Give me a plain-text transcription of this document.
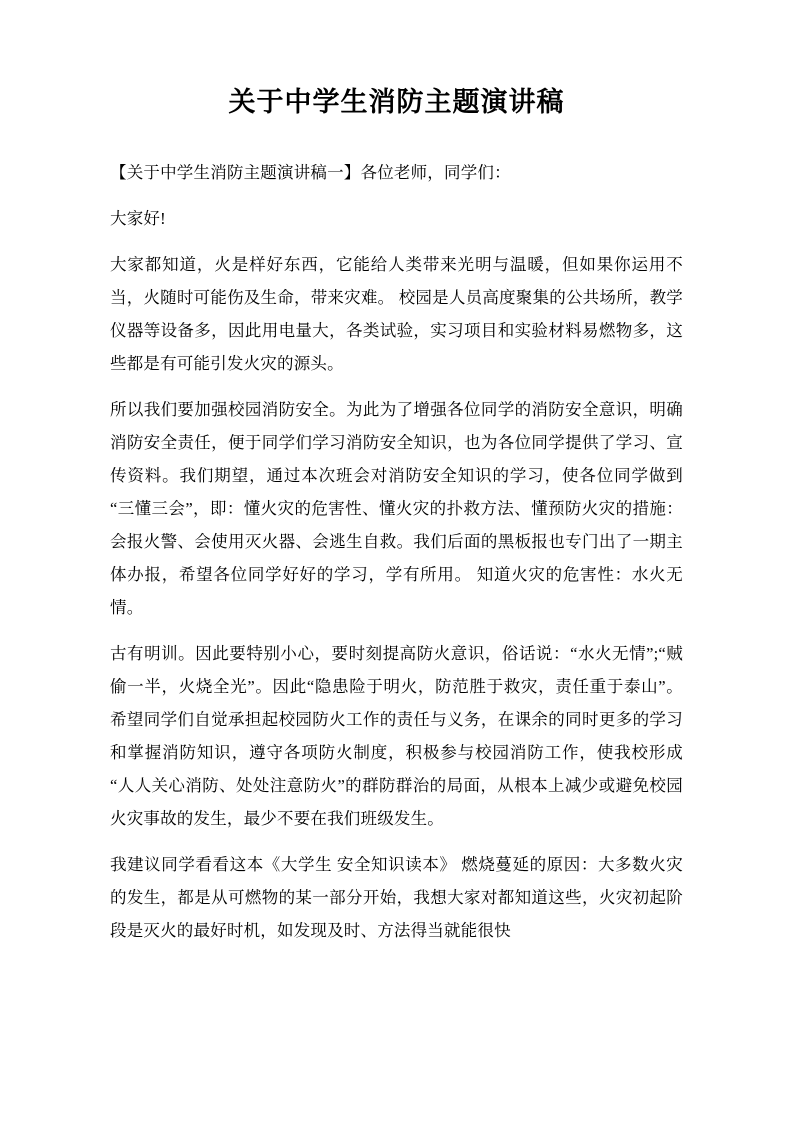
关于中学生消防主题演讲稿

【关于中学生消防主题演讲稿一】各位老师，同学们：

大家好!

大家都知道，火是样好东西，它能给人类带来光明与温暖，但如果你运用不当，火随时可能伤及生命，带来灾难。 校园是人员高度聚集的公共场所，教学仪器等设备多，因此用电量大，各类试验，实习项目和实验材料易燃物多，这些都是有可能引发火灾的源头。

所以我们要加强校园消防安全。为此为了增强各位同学的消防安全意识，明确消防安全责任，便于同学们学习消防安全知识，也为各位同学提供了学习、宣传资料。我们期望，通过本次班会对消防安全知识的学习，使各位同学做到“三懂三会”，即：懂火灾的危害性、懂火灾的扑救方法、懂预防火灾的措施：会报火警、会使用灭火器、会逃生自救。我们后面的黑板报也专门出了一期主体办报，希望各位同学好好的学习，学有所用。 知道火灾的危害性：水火无情。

古有明训。因此要特别小心，要时刻提高防火意识，俗话说：“水火无情”;“贼偷一半，火烧全光”。因此“隐患险于明火，防范胜于救灾，责任重于泰山”。希望同学们自觉承担起校园防火工作的责任与义务，在课余的同时更多的学习和掌握消防知识，遵守各项防火制度，积极参与校园消防工作，使我校形成“人人关心消防、处处注意防火”的群防群治的局面，从根本上减少或避免校园火灾事故的发生，最少不要在我们班级发生。

我建议同学看看这本《大学生 安全知识读本》 燃烧蔓延的原因：大多数火灾的发生，都是从可燃物的某一部分开始，我想大家对都知道这些，火灾初起阶段是灭火的最好时机，如发现及时、方法得当就能很快
